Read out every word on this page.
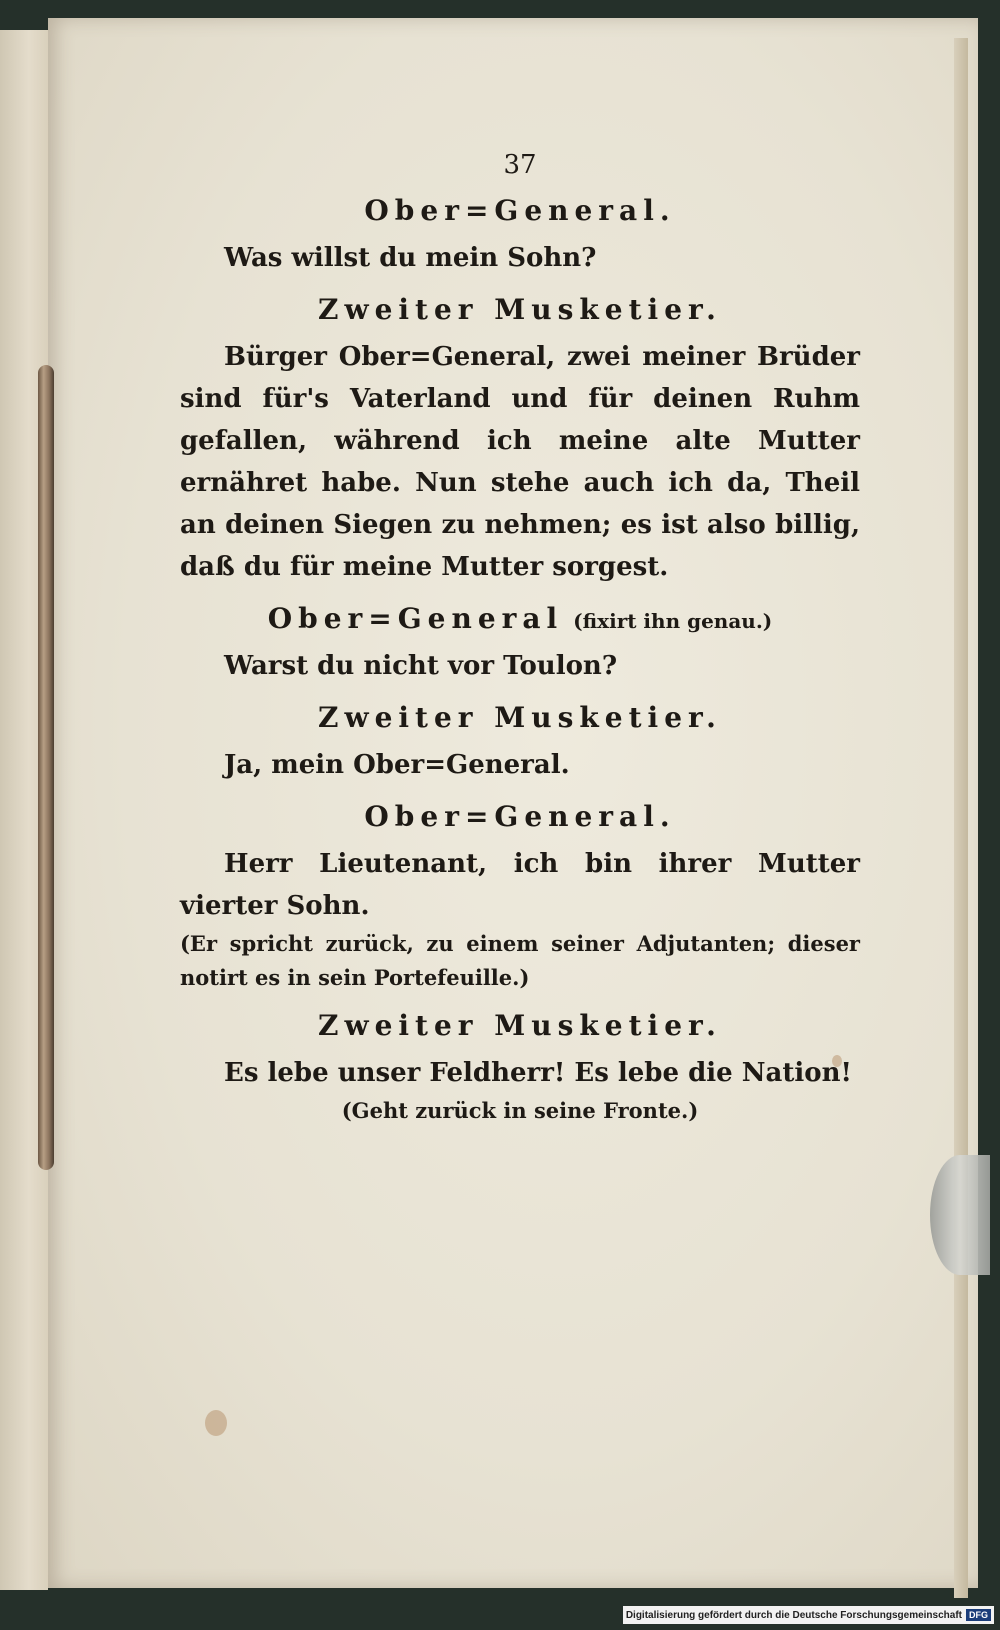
37
Ober=General.
Was willst du mein Sohn?
Zweiter Musketier.
Bürger Ober=General, zwei meiner Brüder sind für's Vaterland und für deinen Ruhm gefallen, während ich meine alte Mutter ernähret habe. Nun stehe auch ich da, Theil an deinen Siegen zu nehmen; es ist also billig, daß du für meine Mutter sorgest.
Ober=General (fixirt ihn genau.)
Warst du nicht vor Toulon?
Zweiter Musketier.
Ja, mein Ober=General.
Ober=General.
Herr Lieutenant, ich bin ihrer Mutter vierter Sohn.
(Er spricht zurück, zu einem seiner Adjutanten; dieser notirt es in sein Portefeuille.)
Zweiter Musketier.
Es lebe unser Feldherr! Es lebe die Nation!
(Geht zurück in seine Fronte.)
Digitalisierung gefördert durch die Deutsche Forschungsgemeinschaft DFG
